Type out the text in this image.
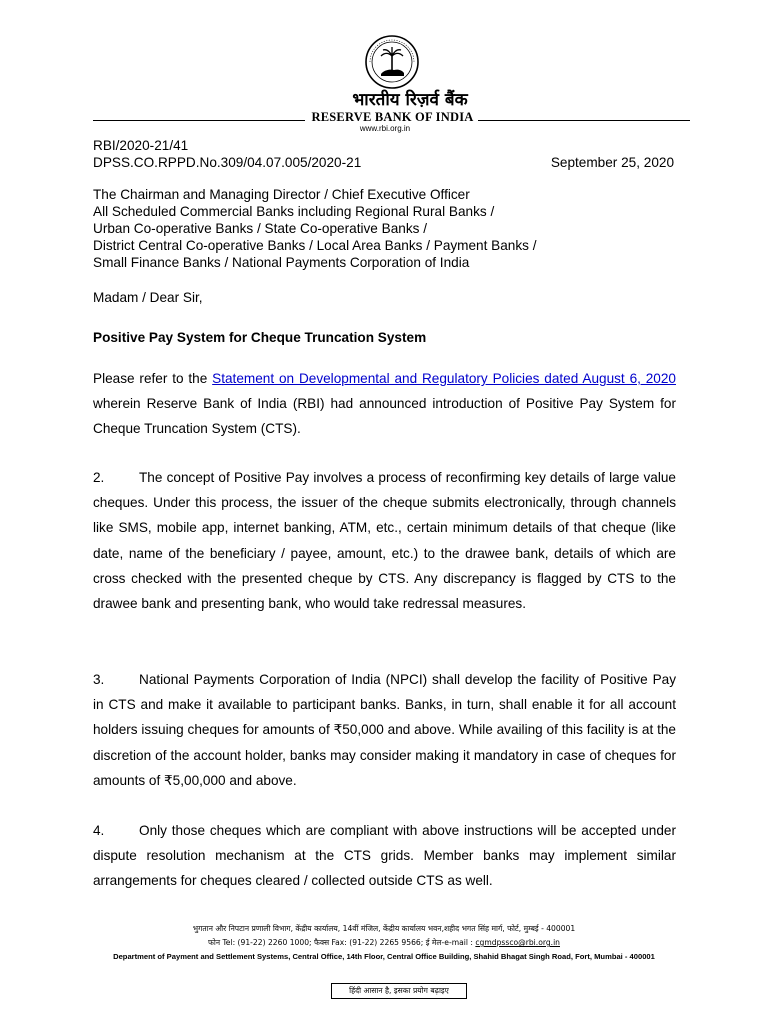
भारतीय रिज़र्व बैंक
RESERVE BANK OF INDIA
www.rbi.org.in
RBI/2020-21/41
DPSS.CO.RPPD.No.309/04.07.005/2020-21	September 25, 2020
The Chairman and Managing Director / Chief Executive Officer
All Scheduled Commercial Banks including Regional Rural Banks /
Urban Co-operative Banks / State Co-operative Banks /
District Central Co-operative Banks / Local Area Banks / Payment Banks /
Small Finance Banks / National Payments Corporation of India
Madam / Dear Sir,
Positive Pay System for Cheque Truncation System
Please refer to the Statement on Developmental and Regulatory Policies dated August 6, 2020 wherein Reserve Bank of India (RBI) had announced introduction of Positive Pay System for Cheque Truncation System (CTS).
2.	The concept of Positive Pay involves a process of reconfirming key details of large value cheques. Under this process, the issuer of the cheque submits electronically, through channels like SMS, mobile app, internet banking, ATM, etc., certain minimum details of that cheque (like date, name of the beneficiary / payee, amount, etc.) to the drawee bank, details of which are cross checked with the presented cheque by CTS. Any discrepancy is flagged by CTS to the drawee bank and presenting bank, who would take redressal measures.
3.	National Payments Corporation of India (NPCI) shall develop the facility of Positive Pay in CTS and make it available to participant banks. Banks, in turn, shall enable it for all account holders issuing cheques for amounts of ₹50,000 and above. While availing of this facility is at the discretion of the account holder, banks may consider making it mandatory in case of cheques for amounts of ₹5,00,000 and above.
4.	Only those cheques which are compliant with above instructions will be accepted under dispute resolution mechanism at the CTS grids. Member banks may implement similar arrangements for cheques cleared / collected outside CTS as well.
भुगतान और निपटान प्रणाली विभाग, केंद्रीय कार्यालय, 14वीं मंजिल, केंद्रीय कार्यालय भवन,शहीद भगत सिंह मार्ग, फोर्ट, मुम्बई - 400001
फोन Tel: (91-22) 2260 1000; फैक्स Fax: (91-22) 2265 9566; ई मेल-e-mail : cgmdpssco@rbi.org.in
Department of Payment and Settlement Systems, Central Office, 14th Floor, Central Office Building, Shahid Bhagat Singh Road, Fort, Mumbai - 400001
हिंदी आसान है, इसका प्रयोग बढ़ाइए
